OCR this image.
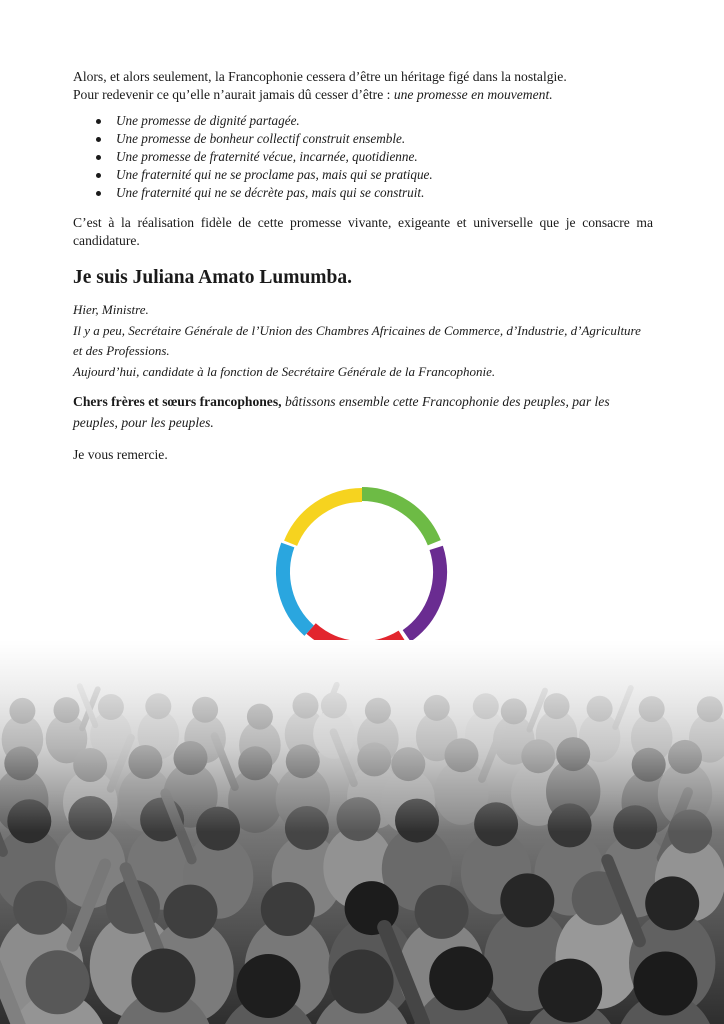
Alors, et alors seulement, la Francophonie cessera d’être un héritage figé dans la nostalgie.

Pour redevenir ce qu’elle n’aurait jamais dû cesser d’être : une promesse en mouvement.

Une promesse de dignité partagée.
Une promesse de bonheur collectif construit ensemble.
Une promesse de fraternité vécue, incarnée, quotidienne.
Une fraternité qui ne se proclame pas, mais qui se pratique.
Une fraternité qui ne se décrète pas, mais qui se construit.

C’est à la réalisation fidèle de cette promesse vivante, exigeante et universelle que je consacre ma candidature.

Je suis Juliana Amato Lumumba.

Hier, Ministre.

Il y a peu, Secrétaire Générale de l’Union des Chambres Africaines de Commerce, d’Industrie, d’Agriculture et des Professions.

Aujourd’hui, candidate à la fonction de Secrétaire Générale de la Francophonie.

Chers frères et sœurs francophones, bâtissons ensemble cette Francophonie des peuples, par les peuples, pour les peuples.

Je vous remercie.
